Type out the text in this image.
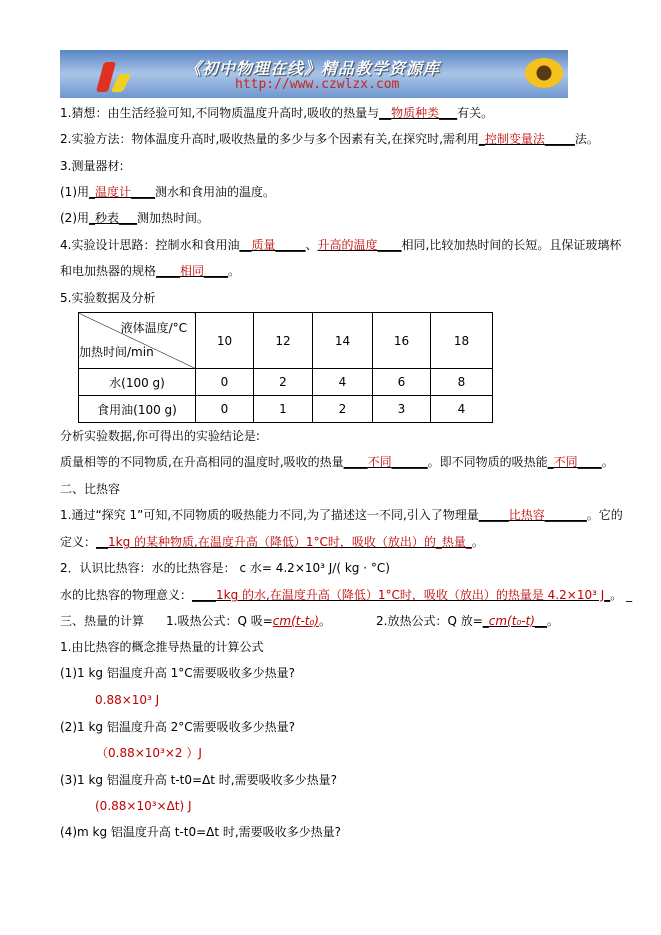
《初中物理在线》精品教学资源库
http://www.czwlzx.com
1.猜想：由生活经验可知,不同物质温度升高时,吸收的热量与__物质种类___有关。
2.实验方法：物体温度升高时,吸收热量的多少与多个因素有关,在探究时,需利用_控制变量法_____法。
3.测量器材:
(1)用_温度计____测水和食用油的温度。
(2)用_秒表___测加热时间。
4.实验设计思路：控制水和食用油__质量_____、升高的温度____相同,比较加热时间的长短。且保证玻璃杯
和电加热器的规格____相同____。
5.实验数据及分析
液体温度/°C
加热时间/min	10	12	14	16	18
水(100 g)	0	2	4	6	8
食用油(100 g)	0	1	2	3	4
分析实验数据,你可得出的实验结论是:
质量相等的不同物质,在升高相同的温度时,吸收的热量____不同______。即不同物质的吸热能_不同____。
二、比热容
1.通过“探究 1”可知,不同物质的吸热能力不同,为了描述这一不同,引入了物理量_____比热容_______。它的
定义：__1kg 的某种物质,在温度升高（降低）1°C时，吸收（放出）的_热量_。
2．认识比热容：水的比热容是： c 水= 4.2×10³ J/( kg · °C)
水的比热容的物理意义：____1kg 的水,在温度升高（降低）1°C时，吸收（放出）的热量是 4.2×10³ J_。 _
三、热量的计算 1.吸热公式：Q 吸=cm(t-t₀)。	2.放热公式：Q 放=_cm(t₀-t)__。
1.由比热容的概念推导热量的计算公式
(1)1 kg 铝温度升高 1°C需要吸收多少热量?
0.88×10³ J
(2)1 kg 铝温度升高 2°C需要吸收多少热量?
（0.88×10³×2 ）J
(3)1 kg 铝温度升高 t-t0=Δt 时,需要吸收多少热量?
(0.88×10³×Δt) J
(4)m kg 铝温度升高 t-t0=Δt 时,需要吸收多少热量?
